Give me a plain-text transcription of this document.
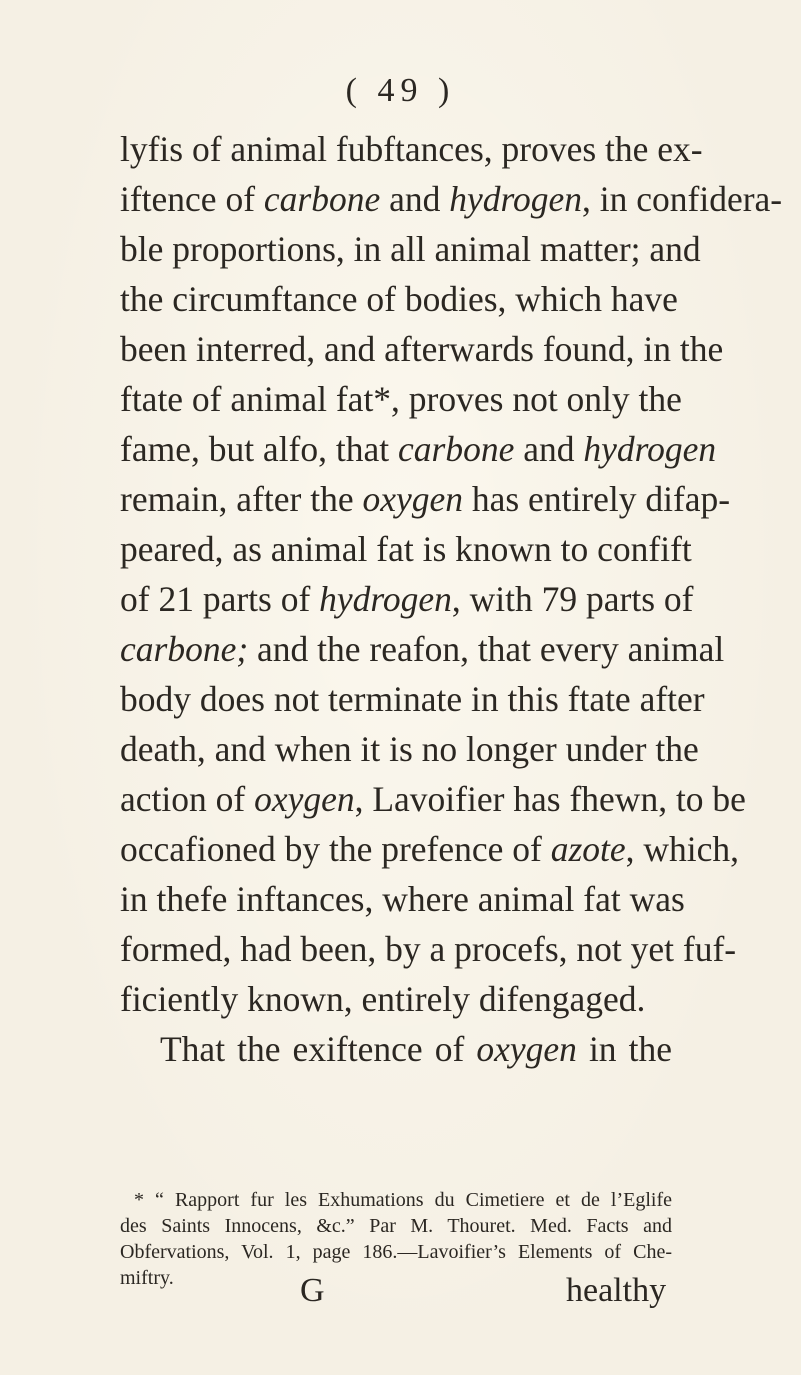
( 49 )
lyfis of animal fubftances, proves the ex-
iftence of carbone and hydrogen, in confidera-
ble proportions, in all animal matter; and
the circumftance of bodies, which have
been interred, and afterwards found, in the
ftate of animal fat*, proves not only the
fame, but alfo, that carbone and hydrogen
remain, after the oxygen has entirely difap-
peared, as animal fat is known to confift
of 21 parts of hydrogen, with 79 parts of
carbone; and the reafon, that every animal
body does not terminate in this ftate after
death, and when it is no longer under the
action of oxygen, Lavoifier has fhewn, to be
occafioned by the prefence of azote, which,
in thefe inftances, where animal fat was
formed, had been, by a procefs, not yet fuf-
ficiently known, entirely difengaged.
That the exiftence of oxygen in the
* “ Rapport fur les Exhumations du Cimetiere et de l’Eglife
des Saints Innocens, &c.” Par M. Thouret. Med. Facts and
Obfervations, Vol. 1, page 186.—Lavoifier’s Elements of Che-
miftry.	G	healthy
